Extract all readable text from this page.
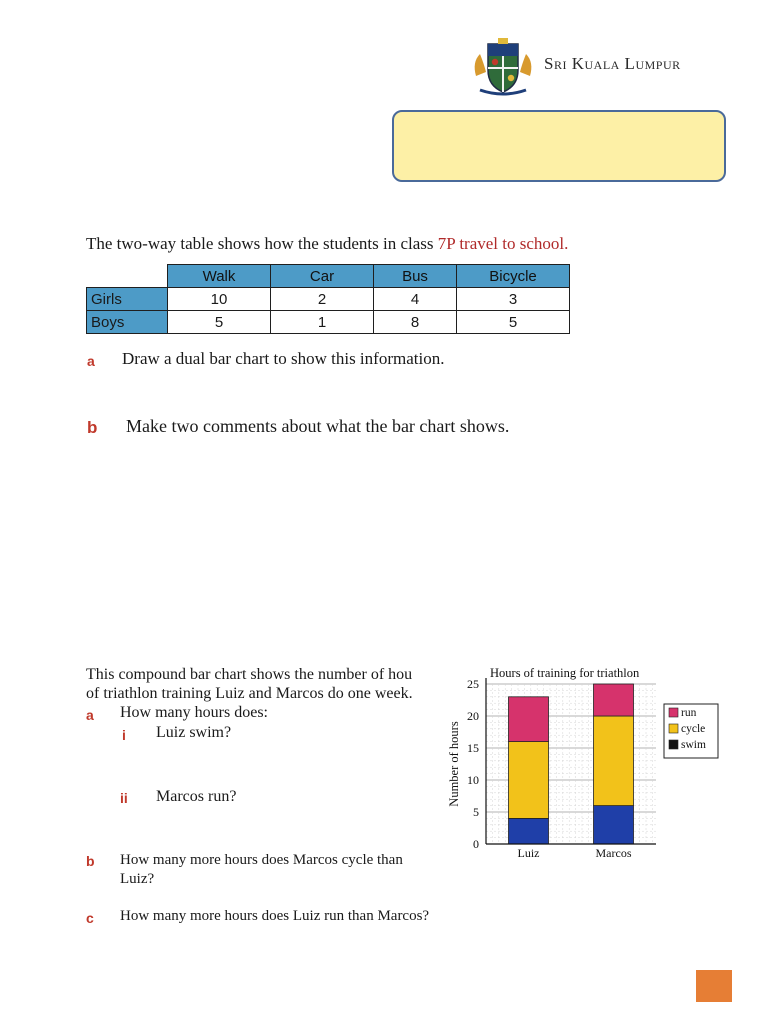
Sri Kuala Lumpur
The two-way table shows how the students in class 7P travel to school.
	Walk	Car	Bus	Bicycle
Girls	10	2	4	3
Boys	5	1	8	5
a Draw a dual bar chart to show this information.
b Make two comments about what the bar chart shows.
This compound bar chart shows the number of hou
of triathlon training Luiz and Marcos do one week.
a How many hours does:
i Luiz swim?
ii Marcos run?
b How many more hours does Marcos cycle than Luiz?
c How many more hours does Luiz run than Marcos?
Luiz	Marcos
0
5
10
15
20
25
Hours of training for triathlon
Number of hours
run
cycle
swim
